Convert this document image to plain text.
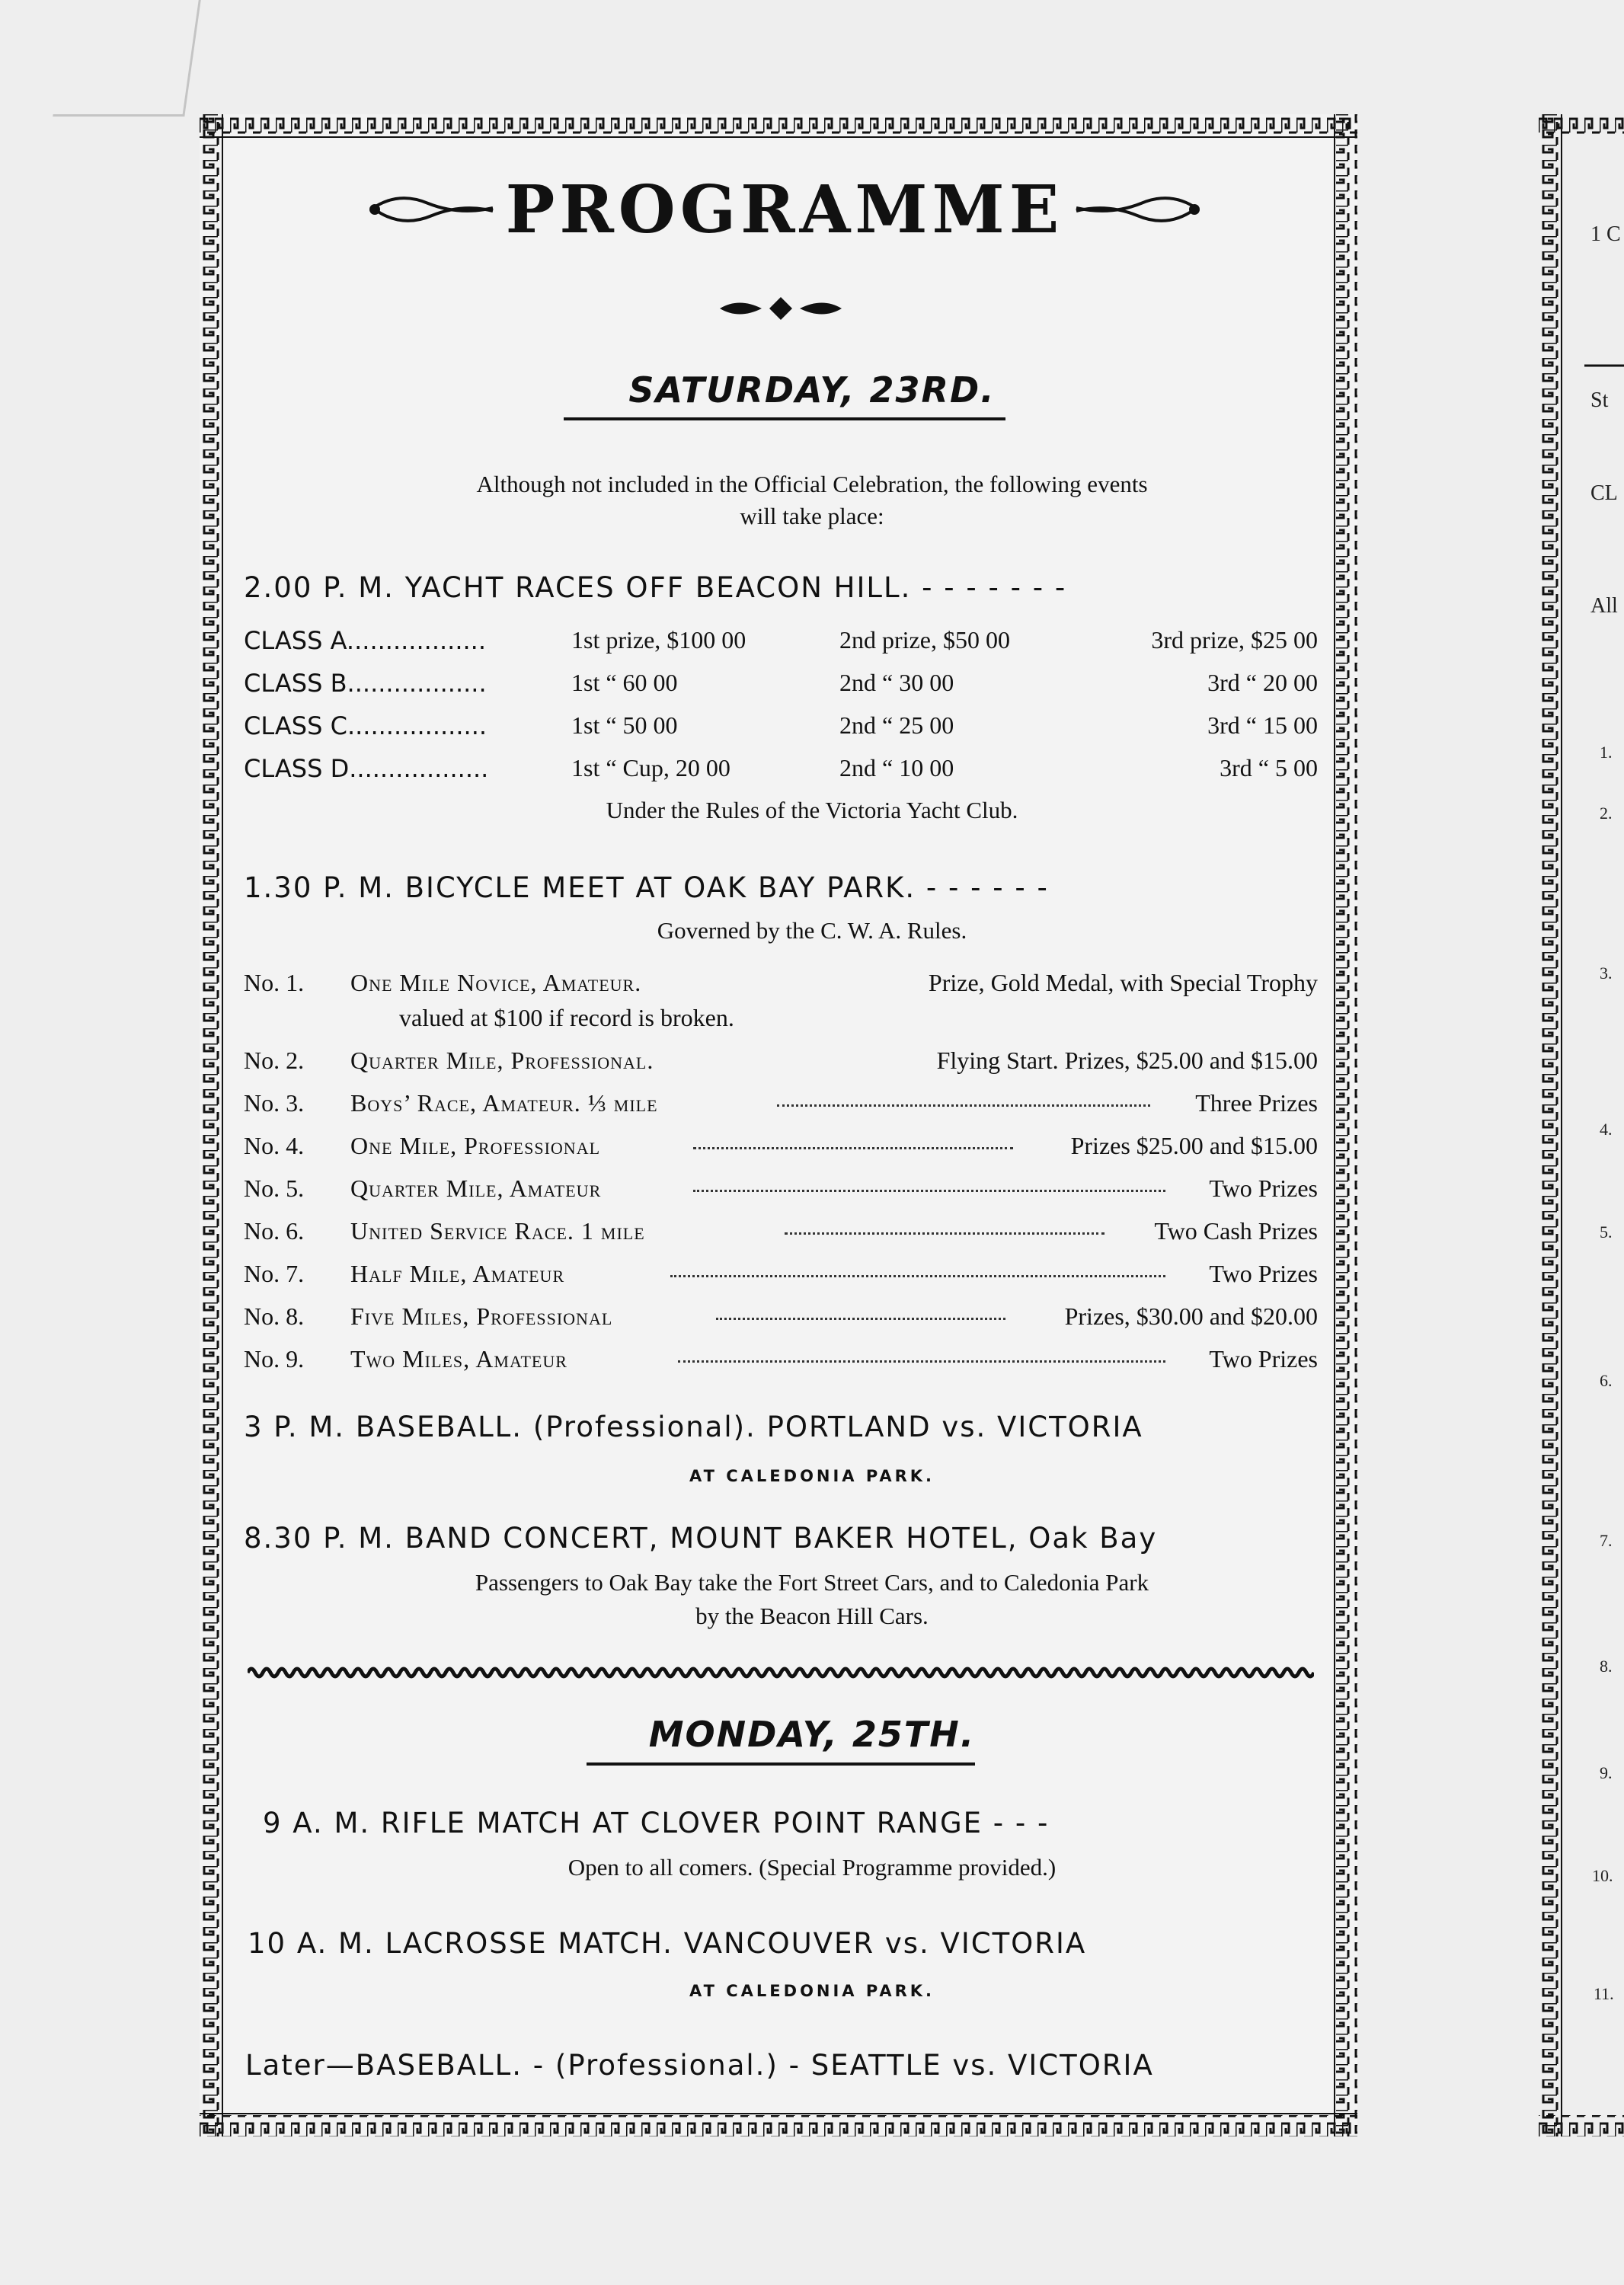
1 C
St
CL
All
1.
2.
3.
4.
5.
6.
7.
8.
9.
10.
11.
PROGRAMME
SATURDAY, 23RD.
Although not included in the Official Celebration, the following events
will take place:
2.00 P. M. YACHT RACES OFF BEACON HILL. - - - - - - -
CLASS A..................	1st prize, $100 00	2nd prize, $50 00	3rd prize, $25 00
CLASS B..................	1st “ 60 00	2nd “ 30 00	3rd “ 20 00
CLASS C..................	1st “ 50 00	2nd “ 25 00	3rd “ 15 00
CLASS D..................	1st “ Cup, 20 00	2nd “ 10 00	3rd “ 5 00
Under the Rules of the Victoria Yacht Club.
1.30 P. M. BICYCLE MEET AT OAK BAY PARK. - - - - - -
Governed by the C. W. A. Rules.
No. 1. One Mile Novice, Amateur.	Prize, Gold Medal, with Special Trophy
valued at $100 if record is broken.
No. 2. Quarter Mile, Professional.	Flying Start. Prizes, $25.00 and $15.00
No. 3. Boys’ Race, Amateur. ⅓ mile	Three Prizes
No. 4. One Mile, Professional	Prizes $25.00 and $15.00
No. 5. Quarter Mile, Amateur	Two Prizes
No. 6. United Service Race. 1 mile	Two Cash Prizes
No. 7. Half Mile, Amateur	Two Prizes
No. 8. Five Miles, Professional	Prizes, $30.00 and $20.00
No. 9. Two Miles, Amateur	Two Prizes
3 P. M. BASEBALL. (Professional). PORTLAND vs. VICTORIA
AT CALEDONIA PARK.
8.30 P. M. BAND CONCERT, MOUNT BAKER HOTEL, Oak Bay
Passengers to Oak Bay take the Fort Street Cars, and to Caledonia Park
by the Beacon Hill Cars.
MONDAY, 25TH.
9 A. M. RIFLE MATCH AT CLOVER POINT RANGE - - -
Open to all comers. (Special Programme provided.)
10 A. M. LACROSSE MATCH. VANCOUVER vs. VICTORIA
AT CALEDONIA PARK.
Later—BASEBALL. - (Professional.) - SEATTLE vs. VICTORIA
